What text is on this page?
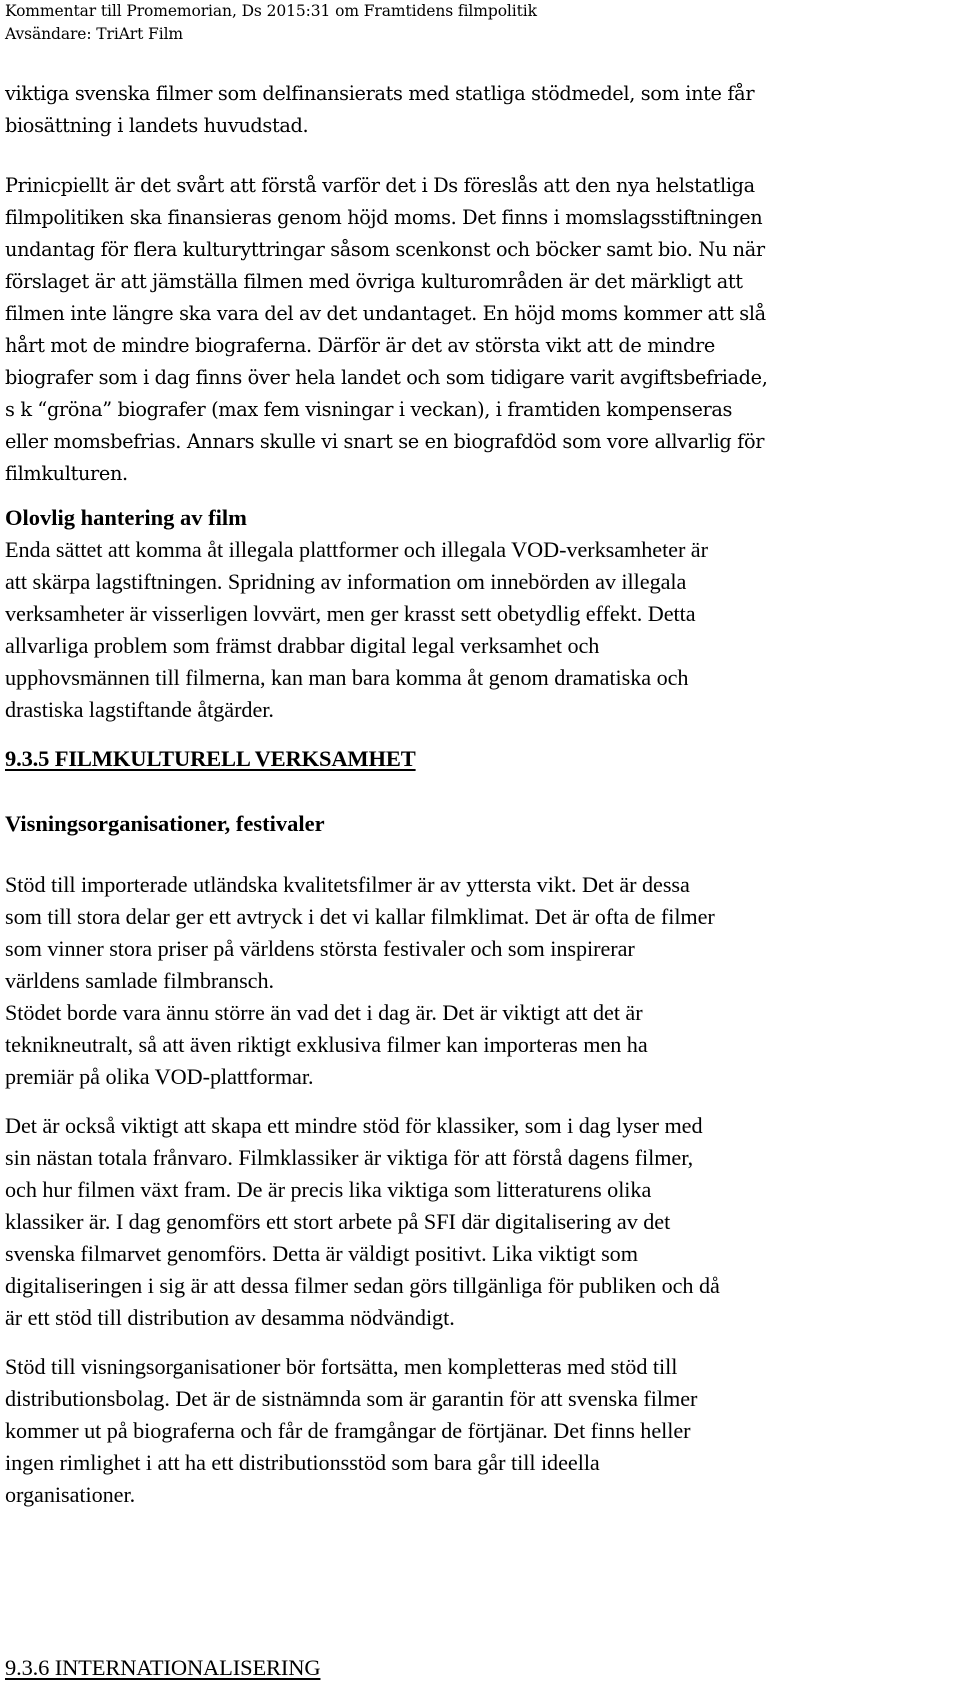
Kommentar till Promemorian, Ds 2015:31 om Framtidens filmpolitik
Avsändare: TriArt Film
viktiga svenska filmer som delfinansierats med statliga stödmedel, som inte får
biosättning i landets huvudstad.
Prinicpiellt är det svårt att förstå varför det i Ds föreslås att den nya helstatliga
filmpolitiken ska finansieras genom höjd moms. Det finns i momslagsstiftningen
undantag för flera kulturyttringar såsom scenkonst och böcker samt bio. Nu när
förslaget är att jämställa filmen med övriga kulturområden är det märkligt att
filmen inte längre ska vara del av det undantaget. En höjd moms kommer att slå
hårt mot de mindre biograferna. Därför är det av största vikt att de mindre
biografer som i dag finns över hela landet och som tidigare varit avgiftsbefriade,
s k “gröna” biografer (max fem visningar i veckan), i framtiden kompenseras
eller momsbefrias. Annars skulle vi snart se en biografdöd som vore allvarlig för
filmkulturen.
Olovlig hantering av film
Enda sättet att komma åt illegala plattformer och illegala VOD-verksamheter är
att skärpa lagstiftningen. Spridning av information om innebörden av illegala
verksamheter är visserligen lovvärt, men ger krasst sett obetydlig effekt. Detta
allvarliga problem som främst drabbar digital legal verksamhet och
upphovsmännen till filmerna, kan man bara komma åt genom dramatiska och
drastiska lagstiftande åtgärder.
9.3.5 FILMKULTURELL VERKSAMHET
Visningsorganisationer, festivaler
Stöd till importerade utländska kvalitetsfilmer är av yttersta vikt. Det är dessa
som till stora delar ger ett avtryck i det vi kallar filmklimat. Det är ofta de filmer
som vinner stora priser på världens största festivaler och som inspirerar
världens samlade filmbransch.
Stödet borde vara ännu större än vad det i dag är. Det är viktigt att det är
teknikneutralt, så att även riktigt exklusiva filmer kan importeras men ha
premiär på olika VOD-plattformar.
Det är också viktigt att skapa ett mindre stöd för klassiker, som i dag lyser med
sin nästan totala frånvaro. Filmklassiker är viktiga för att förstå dagens filmer,
och hur filmen växt fram. De är precis lika viktiga som litteraturens olika
klassiker är. I dag genomförs ett stort arbete på SFI där digitalisering av det
svenska filmarvet genomförs. Detta är väldigt positivt. Lika viktigt som
digitaliseringen i sig är att dessa filmer sedan görs tillgänliga för publiken och då
är ett stöd till distribution av desamma nödvändigt.
Stöd till visningsorganisationer bör fortsätta, men kompletteras med stöd till
distributionsbolag. Det är de sistnämnda som är garantin för att svenska filmer
kommer ut på biograferna och får de framgångar de förtjänar. Det finns heller
ingen rimlighet i att ha ett distributionsstöd som bara går till ideella
organisationer.
9.3.6 INTERNATIONALISERING
